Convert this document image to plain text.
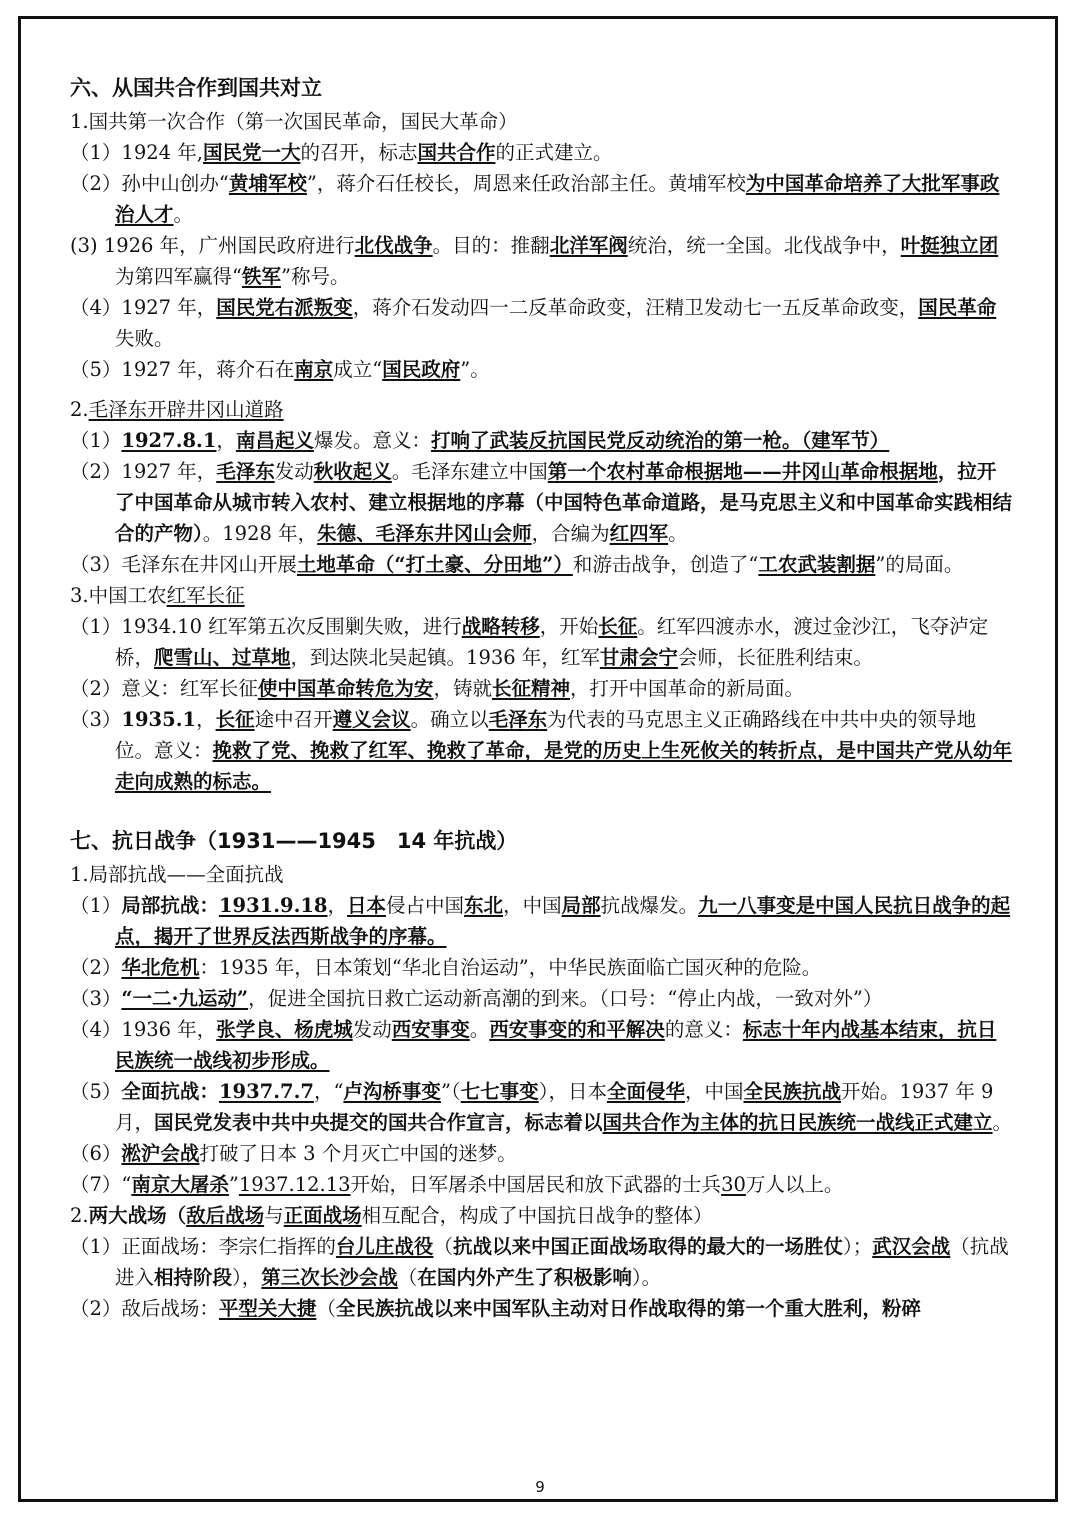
六、从国共合作到国共对立
1.国共第一次合作（第一次国民革命，国民大革命）

（1）1924 年,国民党一大的召开，标志国共合作的正式建立。

（2）孙中山创办“黄埔军校”，蒋介石任校长，周恩来任政治部主任。黄埔军校为中国革命培养了大批军事政治人才。

(3) 1926 年，广州国民政府进行北伐战争。目的：推翻北洋军阀统治，统一全国。北伐战争中，叶挺独立团为第四军赢得“铁军”称号。

（4）1927 年，国民党右派叛变，蒋介石发动四一二反革命政变，汪精卫发动七一五反革命政变，国民革命失败。

（5）1927 年，蒋介石在南京成立“国民政府”。

2.毛泽东开辟井冈山道路

（1）1927.8.1，南昌起义爆发。意义：打响了武装反抗国民党反动统治的第一枪。（建军节）

（2）1927 年，毛泽东发动秋收起义。毛泽东建立中国第一个农村革命根据地——井冈山革命根据地，拉开了中国革命从城市转入农村、建立根据地的序幕（中国特色革命道路，是马克思主义和中国革命实践相结合的产物）。1928 年，朱德、毛泽东井冈山会师，合编为红四军。

（3）毛泽东在井冈山开展土地革命（“打土豪、分田地”）和游击战争，创造了“工农武装割据”的局面。

3.中国工农红军长征

（1）1934.10 红军第五次反围剿失败，进行战略转移，开始长征。红军四渡赤水，渡过金沙江，飞夺泸定桥，爬雪山、过草地，到达陕北吴起镇。1936 年，红军甘肃会宁会师，长征胜利结束。

（2）意义：红军长征使中国革命转危为安，铸就长征精神，打开中国革命的新局面。

（3）1935.1，长征途中召开遵义会议。确立以毛泽东为代表的马克思主义正确路线在中共中央的领导地位。意义：挽救了党、挽救了红军、挽救了革命，是党的历史上生死攸关的转折点，是中国共产党从幼年走向成熟的标志。

七、抗日战争（1931——1945　14 年抗战）
1.局部抗战——全面抗战

（1）局部抗战：1931.9.18，日本侵占中国东北，中国局部抗战爆发。九一八事变是中国人民抗日战争的起点，揭开了世界反法西斯战争的序幕。

（2）华北危机：1935 年，日本策划“华北自治运动”，中华民族面临亡国灭种的危险。

（3）“一二·九运动”，促进全国抗日救亡运动新高潮的到来。（口号：“停止内战，一致对外”）

（4）1936 年，张学良、杨虎城发动西安事变。西安事变的和平解决的意义：标志十年内战基本结束，抗日民族统一战线初步形成。

（5）全面抗战：1937.7.7，“卢沟桥事变”（七七事变），日本全面侵华，中国全民族抗战开始。1937 年 9 月，国民党发表中共中央提交的国共合作宣言，标志着以国共合作为主体的抗日民族统一战线正式建立。

（6）淞沪会战打破了日本 3 个月灭亡中国的迷梦。

（7）“南京大屠杀”1937.12.13开始，日军屠杀中国居民和放下武器的士兵30万人以上。

2.两大战场（敌后战场与正面战场相互配合，构成了中国抗日战争的整体）

（1）正面战场：李宗仁指挥的台儿庄战役（抗战以来中国正面战场取得的最大的一场胜仗）；武汉会战（抗战进入相持阶段），第三次长沙会战（在国内外产生了积极影响）。

（2）敌后战场：平型关大捷（全民族抗战以来中国军队主动对日作战取得的第一个重大胜利，粉碎

9
